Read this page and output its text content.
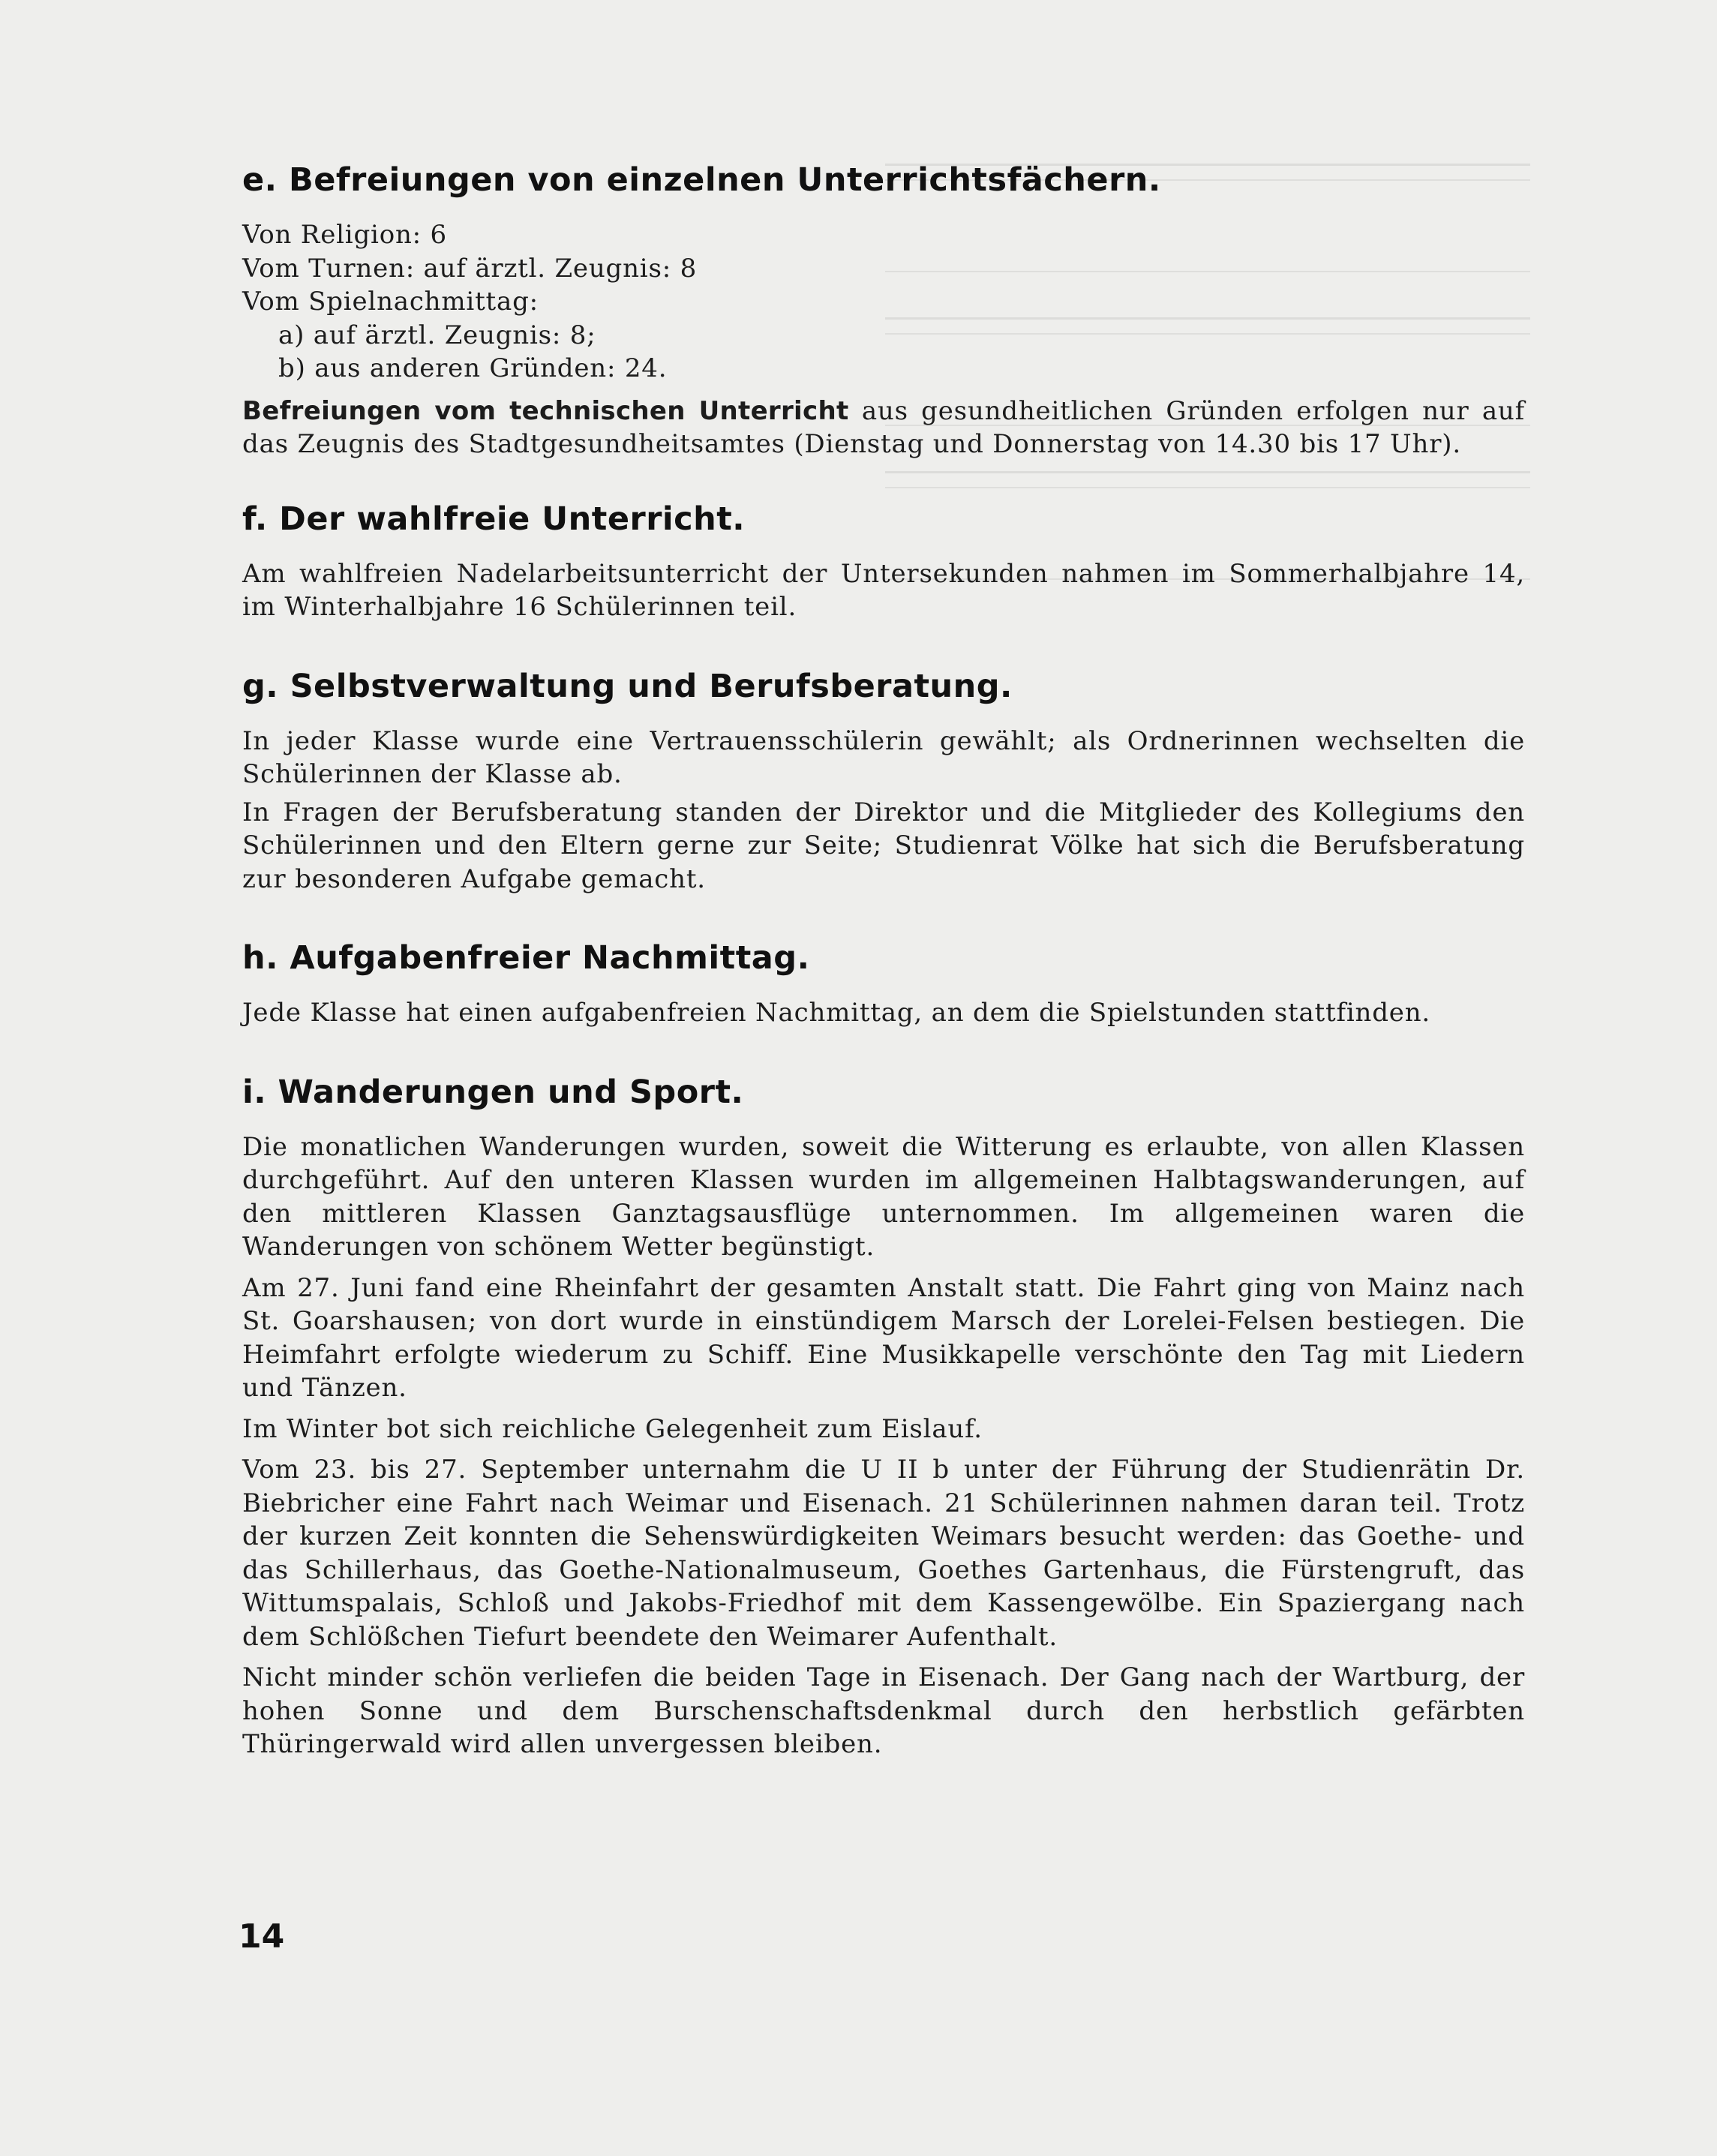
e. Befreiungen von einzelnen Unterrichtsfächern.

Von Religion: 6

Vom Turnen: auf ärztl. Zeugnis: 8

Vom Spielnachmittag:

a) auf ärztl. Zeugnis: 8;

b) aus anderen Gründen: 24.

Befreiungen vom technischen Unterricht aus gesundheitlichen Gründen erfolgen nur auf das Zeugnis des Stadtgesundheitsamtes (Dienstag und Donnerstag von 14.30 bis 17 Uhr).

f. Der wahlfreie Unterricht.

Am wahlfreien Nadelarbeitsunterricht der Untersekunden nahmen im Sommerhalbjahre 14, im Winterhalbjahre 16 Schülerinnen teil.

g. Selbstverwaltung und Berufsberatung.

In jeder Klasse wurde eine Vertrauensschülerin gewählt; als Ordnerinnen wechselten die Schülerinnen der Klasse ab.

In Fragen der Berufsberatung standen der Direktor und die Mitglieder des Kollegiums den Schülerinnen und den Eltern gerne zur Seite; Studienrat Völke hat sich die Berufsberatung zur besonderen Aufgabe gemacht.

h. Aufgabenfreier Nachmittag.

Jede Klasse hat einen aufgabenfreien Nachmittag, an dem die Spielstunden stattfinden.

i. Wanderungen und Sport.

Die monatlichen Wanderungen wurden, soweit die Witterung es erlaubte, von allen Klassen durchgeführt. Auf den unteren Klassen wurden im allgemeinen Halbtagswanderungen, auf den mittleren Klassen Ganztagsausflüge unternommen. Im allgemeinen waren die Wanderungen von schönem Wetter begünstigt.

Am 27. Juni fand eine Rheinfahrt der gesamten Anstalt statt. Die Fahrt ging von Mainz nach St. Goarshausen; von dort wurde in einstündigem Marsch der Lorelei-Felsen bestiegen. Die Heimfahrt erfolgte wiederum zu Schiff. Eine Musikkapelle verschönte den Tag mit Liedern und Tänzen.

Im Winter bot sich reichliche Gelegenheit zum Eislauf.

Vom 23. bis 27. September unternahm die U II b unter der Führung der Studienrätin Dr. Biebricher eine Fahrt nach Weimar und Eisenach. 21 Schülerinnen nahmen daran teil. Trotz der kurzen Zeit konnten die Sehenswürdigkeiten Weimars besucht werden: das Goethe- und das Schillerhaus, das Goethe-Nationalmuseum, Goethes Gartenhaus, die Fürstengruft, das Wittumspalais, Schloß und Jakobs-Friedhof mit dem Kassengewölbe. Ein Spaziergang nach dem Schlößchen Tiefurt beendete den Weimarer Aufenthalt.

Nicht minder schön verliefen die beiden Tage in Eisenach. Der Gang nach der Wartburg, der hohen Sonne und dem Burschenschaftsdenkmal durch den herbstlich gefärbten Thüringerwald wird allen unvergessen bleiben.

14
